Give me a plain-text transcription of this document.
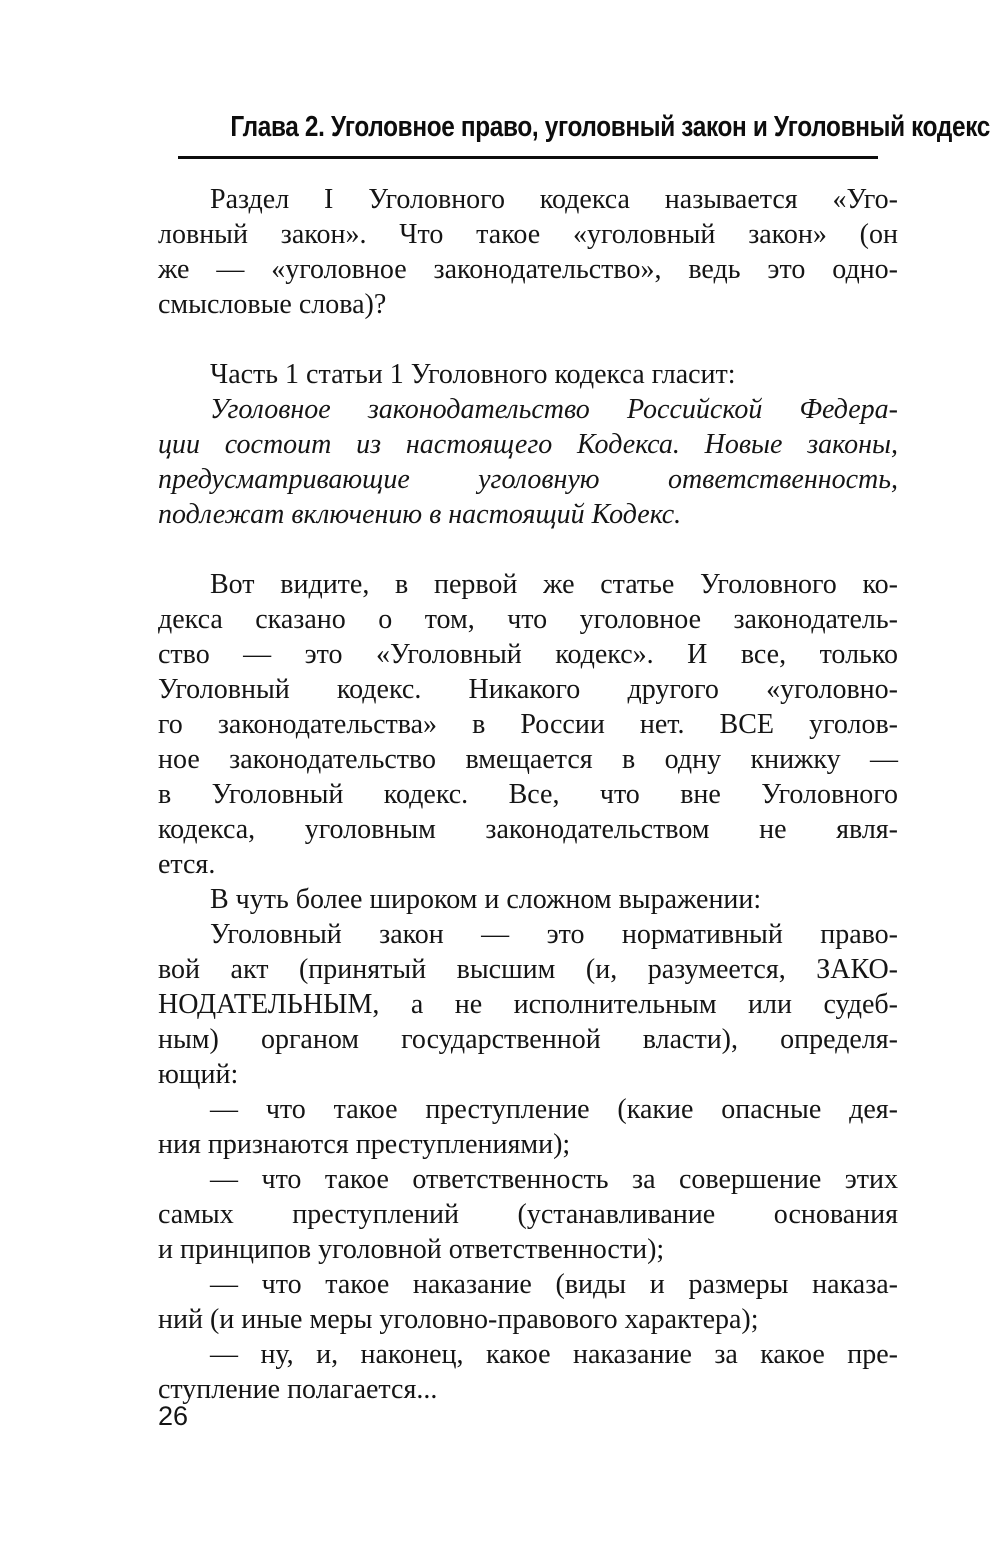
Глава 2. Уголовное право, уголовный закон и Уголовный кодекс
Раздел I Уголовного кодекса называется «Уго-
ловный закон». Что такое «уголовный закон» (он
же — «уголовное законодательство», ведь это одно-
смысловые слова)?
Часть 1 статьи 1 Уголовного кодекса гласит:
Уголовное законодательство Российской Федера-
ции состоит из настоящего Кодекса. Новые законы,
предусматривающие уголовную ответственность,
подлежат включению в настоящий Кодекс.
Вот видите, в первой же статье Уголовного ко-
декса сказано о том, что уголовное законодатель-
ство — это «Уголовный кодекс». И все, только
Уголовный кодекс. Никакого другого «уголовно-
го законодательства» в России нет. ВСЕ уголов-
ное законодательство вмещается в одну книжку —
в Уголовный кодекс. Все, что вне Уголовного
кодекса, уголовным законодательством не явля-
ется.
В чуть более широком и сложном выражении:
Уголовный закон — это нормативный право-
вой акт (принятый высшим (и, разумеется, ЗАКО-
НОДАТЕЛЬНЫМ, а не исполнительным или судеб-
ным) органом государственной власти), определя-
ющий:
— что такое преступление (какие опасные дея-
ния признаются преступлениями);
— что такое ответственность за совершение этих
самых преступлений (устанавливание основания
и принципов уголовной ответственности);
— что такое наказание (виды и размеры наказа-
ний (и иные меры уголовно-правового характера);
— ну, и, наконец, какое наказание за какое пре-
ступление полагается...
26
